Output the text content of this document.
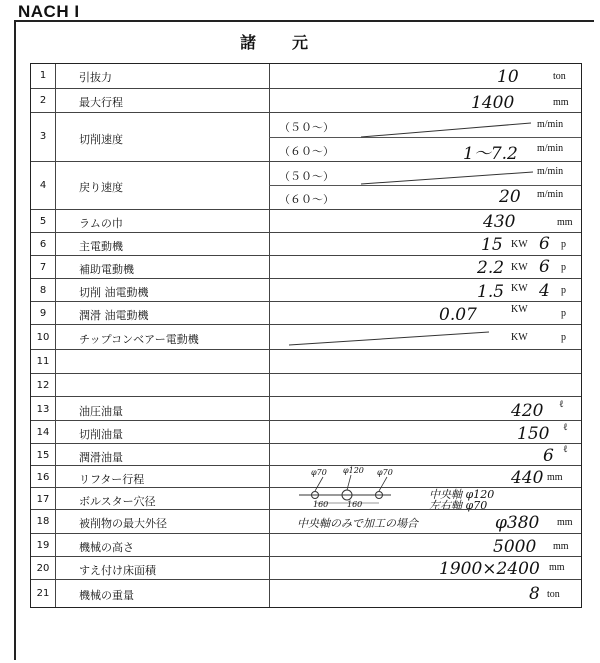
NACH I
諸　元
1	引抜力	10	ton
2	最大行程	1400	mm
3	切削速度
（５０〜）	m/min
（６０〜）	1〜7.2 m/min
4	戻り速度
（５０〜）	m/min
（６０〜）	20 m/min
5	ラムの巾	430	mm
6	主電動機	15 KW 6 p
7	補助電動機	2.2 KW 6 p
8	切削 油電動機	1.5 KW 4 p
9	潤滑 油電動機	0.07	KW	p
10	チップコンベアー電動機	KW	p
11
12
13	油圧油量	420 ℓ
14	切削油量	150 ℓ
15	潤滑油量	6 ℓ
16	リフター行程	440 mm
17	ボルスター穴径
中央軸 φ120
左右軸 φ70
18	被削物の最大外径	中央軸のみで加工の場合	φ380 mm
19	機械の高さ	5000 mm
20	すえ付け床面積	1900×2400 mm
21	機械の重量	8 ton
φ70 φ120 φ70
160 160
